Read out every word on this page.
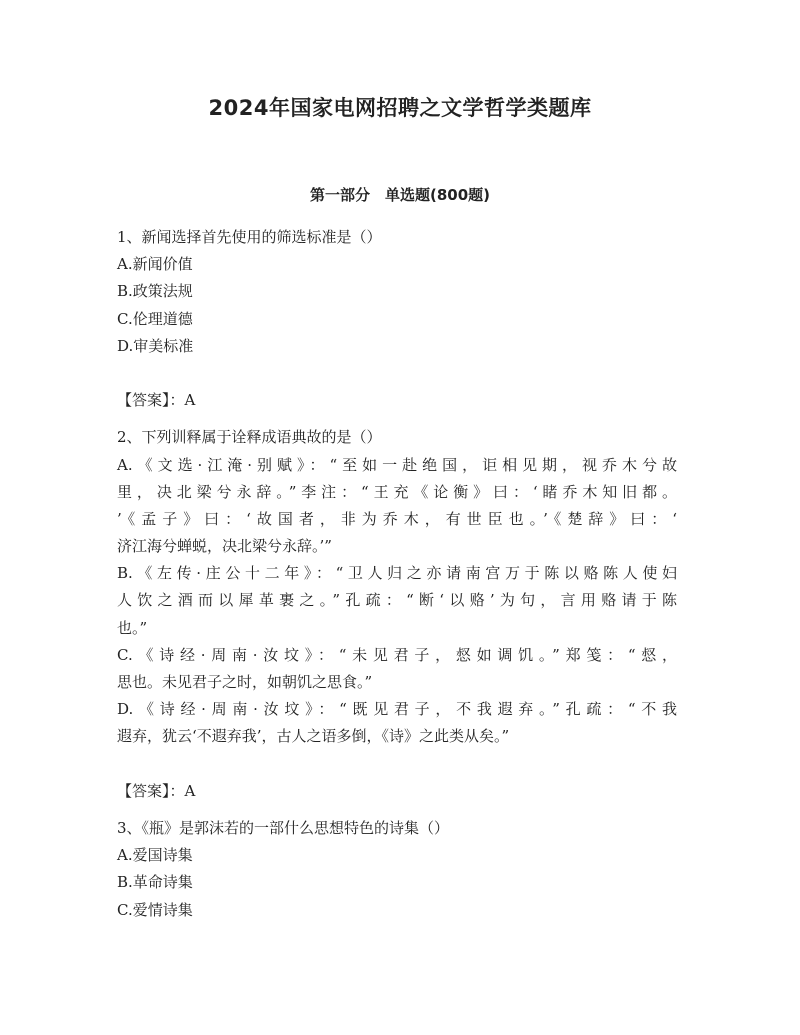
2024年国家电网招聘之文学哲学类题库
第一部分　单选题(800题)
1、新闻选择首先使用的筛选标准是（）
A.新闻价值
B.政策法规
C.伦理道德
D.审美标准
【答案】：A
2、下列训释属于诠释成语典故的是（）
A.《文选·江淹·别赋》：“至如一赴绝国，讵相见期，视乔木兮故
里，决北梁兮永辞。”李注：“王充《论衡》曰：‘睹乔木知旧都。
’《孟子》曰：‘故国者，非为乔木，有世臣也。’《楚辞》曰：‘
济江海兮蝉蜕，决北梁兮永辞。’”
B.《左传·庄公十二年》：“卫人归之亦请南宫万于陈以赂陈人使妇
人饮之酒而以犀革裹之。”孔疏：“断‘以赂’为句，言用赂请于陈
也。”
C.《诗经·周南·汝坟》：“未见君子，惄如调饥。”郑笺：“惄，
思也。未见君子之时，如朝饥之思食。”
D.《诗经·周南·汝坟》：“既见君子，不我遐弃。”孔疏：“不我
遐弃，犹云‘不遐弃我’，古人之语多倒，《诗》之此类从矣。”
【答案】：A
3、《瓶》是郭沫若的一部什么思想特色的诗集（）
A.爱国诗集
B.革命诗集
C.爱情诗集
